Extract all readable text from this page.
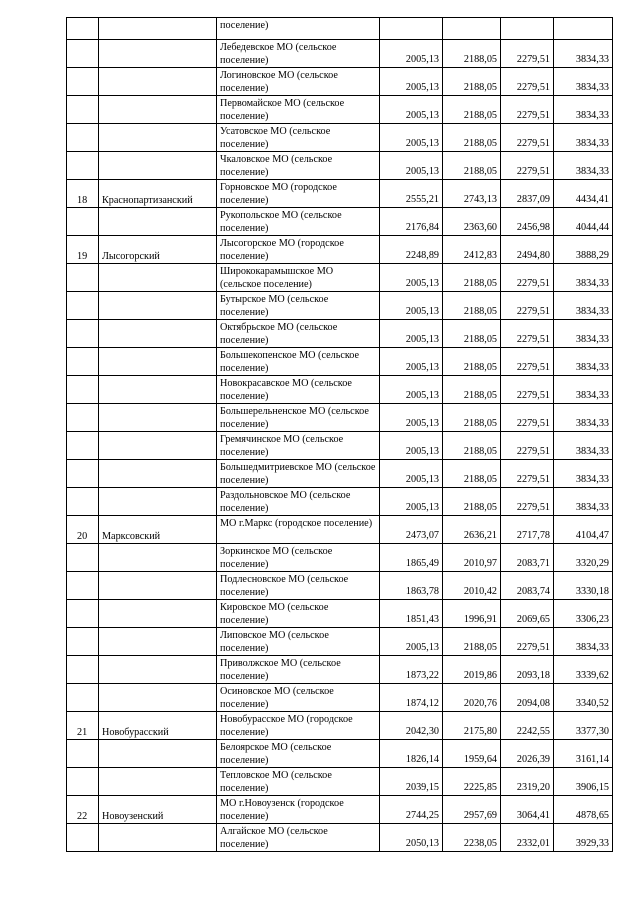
		поселение)				
		Лебедевское МО (сельское поселение)	2005,13	2188,05	2279,51	3834,33
		Логиновское МО (сельское поселение)	2005,13	2188,05	2279,51	3834,33
		Первомайское МО (сельское поселение)	2005,13	2188,05	2279,51	3834,33
		Усатовское МО (сельское поселение)	2005,13	2188,05	2279,51	3834,33
		Чкаловское МО (сельское поселение)	2005,13	2188,05	2279,51	3834,33
18	Краснопартизанский	Горновское МО (городское поселение)	2555,21	2743,13	2837,09	4434,41
		Рукопольское МО (сельское поселение)	2176,84	2363,60	2456,98	4044,44
19	Лысогорский	Лысогорское МО (городское поселение)	2248,89	2412,83	2494,80	3888,29
		Ширококарамышское МО (сельское поселение)	2005,13	2188,05	2279,51	3834,33
		Бутырское МО (сельское поселение)	2005,13	2188,05	2279,51	3834,33
		Октябрьское МО (сельское поселение)	2005,13	2188,05	2279,51	3834,33
		Большекопенское МО (сельское поселение)	2005,13	2188,05	2279,51	3834,33
		Новокрасавское МО (сельское поселение)	2005,13	2188,05	2279,51	3834,33
		Большерельненское МО (сельское поселение)	2005,13	2188,05	2279,51	3834,33
		Гремячинское МО (сельское поселение)	2005,13	2188,05	2279,51	3834,33
		Большедмитриевское МО (сельское поселение)	2005,13	2188,05	2279,51	3834,33
		Раздольновское МО (сельское поселение)	2005,13	2188,05	2279,51	3834,33
20	Марксовский	МО г.Маркс (городское поселение)	2473,07	2636,21	2717,78	4104,47
		Зоркинское МО (сельское поселение)	1865,49	2010,97	2083,71	3320,29
		Подлесновское МО (сельское поселение)	1863,78	2010,42	2083,74	3330,18
		Кировское МО (сельское поселение)	1851,43	1996,91	2069,65	3306,23
		Липовское МО (сельское поселение)	2005,13	2188,05	2279,51	3834,33
		Приволжское МО (сельское поселение)	1873,22	2019,86	2093,18	3339,62
		Осиновское МО (сельское поселение)	1874,12	2020,76	2094,08	3340,52
21	Новобурасский	Новобурасское МО (городское поселение)	2042,30	2175,80	2242,55	3377,30
		Белоярское МО (сельское поселение)	1826,14	1959,64	2026,39	3161,14
		Тепловское МО (сельское поселение)	2039,15	2225,85	2319,20	3906,15
22	Новоузенский	МО г.Новоузенск (городское поселение)	2744,25	2957,69	3064,41	4878,65
		Алгайское МО (сельское поселение)	2050,13	2238,05	2332,01	3929,33
